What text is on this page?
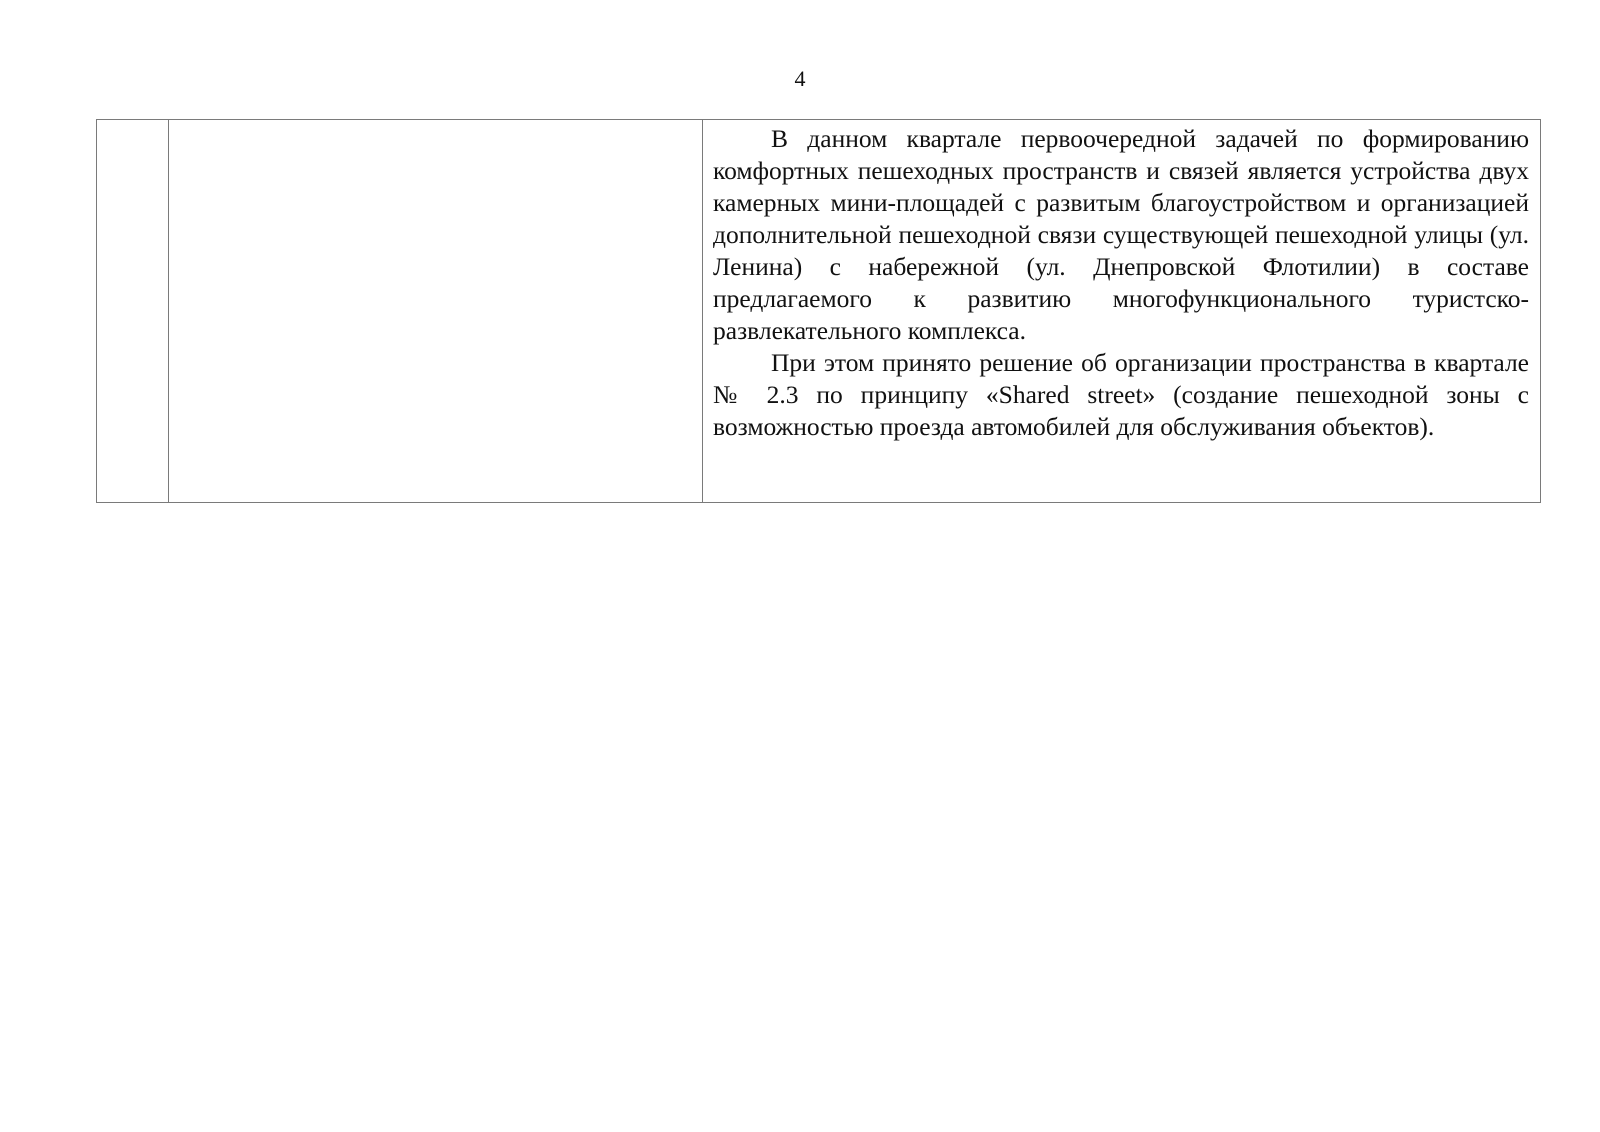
4

В данном квартале первоочередной задачей по формированию комфортных пешеходных пространств и связей является устройства двух камерных мини-площадей с развитым благоустройством и организацией дополнительной пешеходной связи существующей пешеходной улицы (ул. Ленина) с набережной (ул. Днепровской Флотилии) в составе предлагаемого к развитию многофункционального туристско-развлекательного комплекса.

При этом принято решение об организации пространства в квартале № 2.3 по принципу «Shared street» (создание пешеходной зоны с возможностью проезда автомобилей для обслуживания объектов).
